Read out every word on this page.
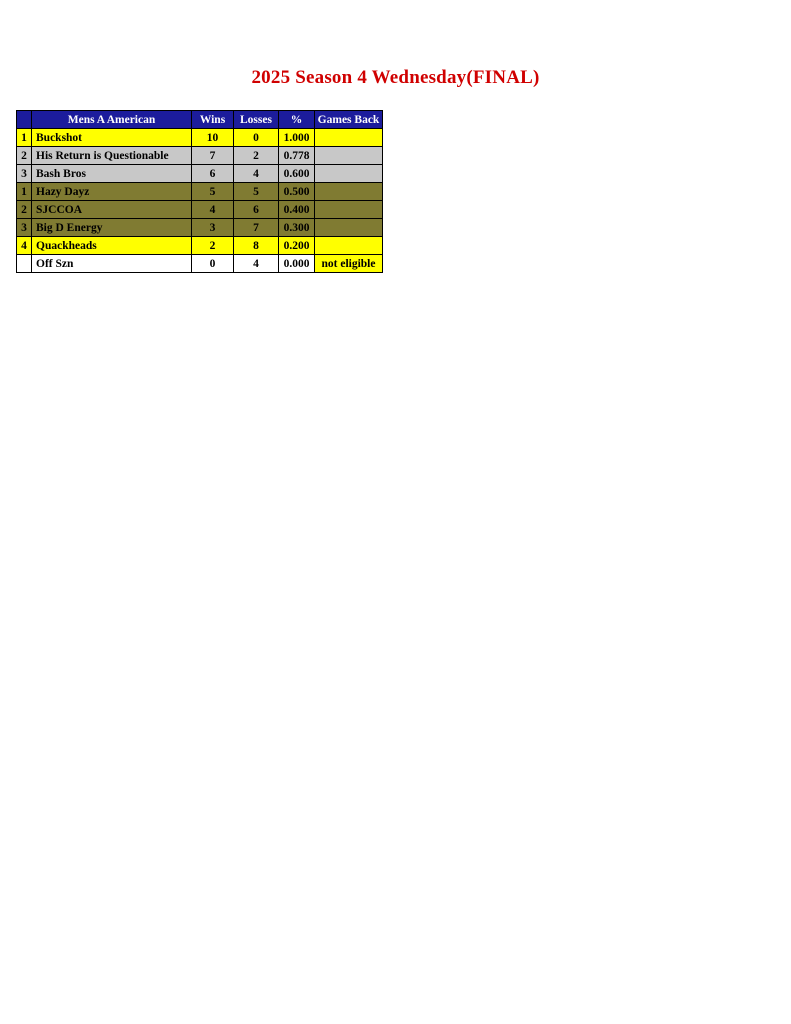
2025 Season 4 Wednesday(FINAL)
	Mens A American	Wins	Losses	%	Games Back
1	Buckshot	10	0	1.000	
2	His Return is Questionable	7	2	0.778	
3	Bash Bros	6	4	0.600	
1	Hazy Dayz	5	5	0.500	
2	SJCCOA	4	6	0.400	
3	Big D Energy	3	7	0.300	
4	Quackheads	2	8	0.200	
	Off Szn	0	4	0.000	not eligible
